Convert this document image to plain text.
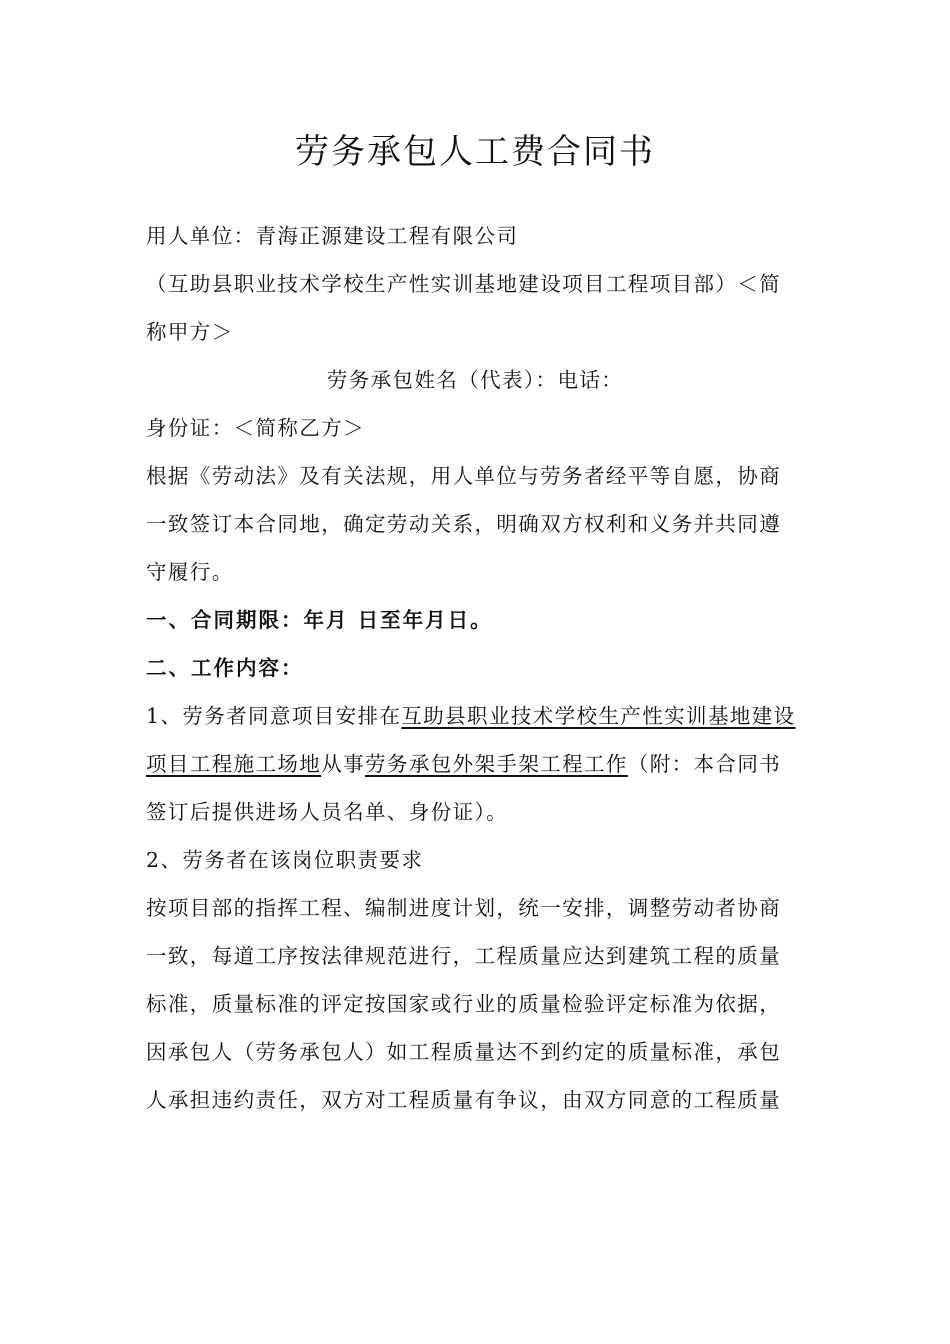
劳务承包人工费合同书
用人单位：青海正源建设工程有限公司
（互助县职业技术学校生产性实训基地建设项目工程项目部）＜简
称甲方＞
劳务承包姓名（代表）：电话：
身份证：＜简称乙方＞
根据《劳动法》及有关法规，用人单位与劳务者经平等自愿，协商
一致签订本合同地，确定劳动关系，明确双方权利和义务并共同遵
守履行。
一、合同期限：年月 日至年月日。
二、工作内容：
1、劳务者同意项目安排在互助县职业技术学校生产性实训基地建设
项目工程施工场地从事劳务承包外架手架工程工作（附：本合同书
签订后提供进场人员名单、身份证）。
2、劳务者在该岗位职责要求
按项目部的指挥工程、编制进度计划，统一安排，调整劳动者协商
一致，每道工序按法律规范进行，工程质量应达到建筑工程的质量
标准，质量标准的评定按国家或行业的质量检验评定标准为依据，
因承包人（劳务承包人）如工程质量达不到约定的质量标准，承包
人承担违约责任，双方对工程质量有争议，由双方同意的工程质量
